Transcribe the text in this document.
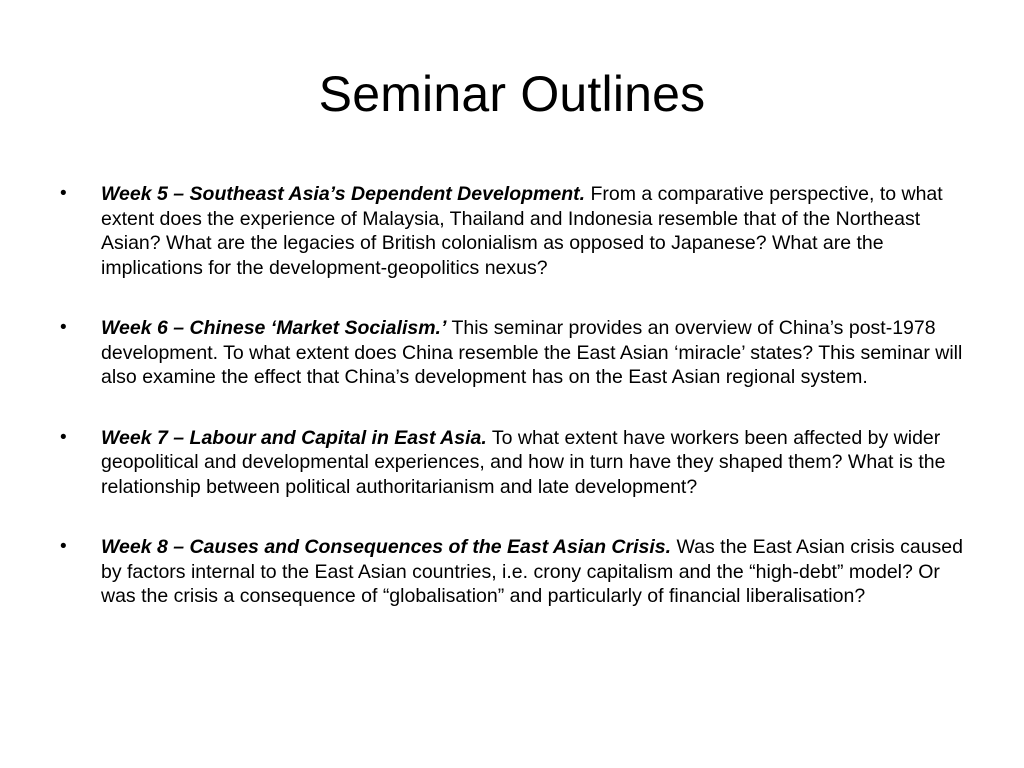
Seminar Outlines
•	Week 5 – Southeast Asia’s Dependent Development. From a comparative perspective, to what extent does the experience of Malaysia, Thailand and Indonesia resemble that of the Northeast Asian? What are the legacies of British colonialism as opposed to Japanese? What are the implications for the development-geopolitics nexus?
•	Week 6 – Chinese ‘Market Socialism.’ This seminar provides an overview of China’s post-1978 development. To what extent does China resemble the East Asian ‘miracle’ states? This seminar will also examine the effect that China’s development has on the East Asian regional system.
•	Week 7 – Labour and Capital in East Asia. To what extent have workers been affected by wider geopolitical and developmental experiences, and how in turn have they shaped them? What is the relationship between political authoritarianism and late development?
•	Week 8 – Causes and Consequences of the East Asian Crisis. Was the East Asian crisis caused by factors internal to the East Asian countries, i.e. crony capitalism and the “high-debt” model? Or was the crisis a consequence of “globalisation” and particularly of financial liberalisation?
